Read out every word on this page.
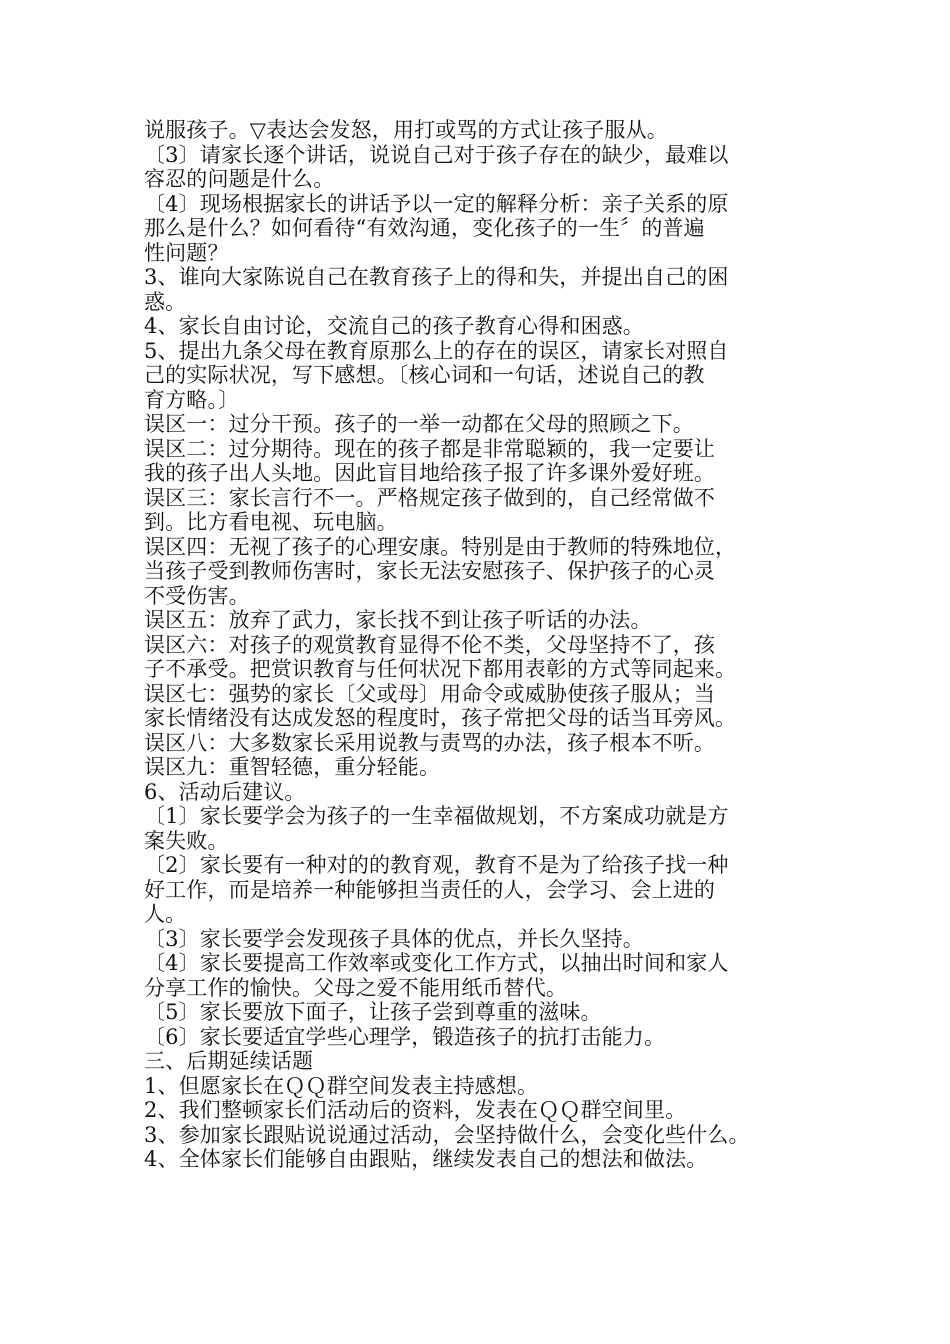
说服孩子。▽表达会发怒，用打或骂的方式让孩子服从。
〔3〕请家长逐个讲话，说说自己对于孩子存在的缺少，最难以
容忍的问题是什么。
〔4〕现场根据家长的讲话予以一定的解释分析：亲子关系的原
那么是什么？如何看待“有效沟通，变化孩子的一生〞的普遍
性问题？
3、谁向大家陈说自己在教育孩子上的得和失，并提出自己的困
惑。
4、家长自由讨论，交流自己的孩子教育心得和困惑。
5、提出九条父母在教育原那么上的存在的误区，请家长对照自
己的实际状况，写下感想。〔核心词和一句话，述说自己的教
育方略。〕
误区一：过分干预。孩子的一举一动都在父母的照顾之下。
误区二：过分期待。现在的孩子都是非常聪颖的，我一定要让
我的孩子出人头地。因此盲目地给孩子报了许多课外爱好班。
误区三：家长言行不一。严格规定孩子做到的，自己经常做不
到。比方看电视、玩电脑。
误区四：无视了孩子的心理安康。特别是由于教师的特殊地位，
当孩子受到教师伤害时，家长无法安慰孩子、保护孩子的心灵
不受伤害。
误区五：放弃了武力，家长找不到让孩子听话的办法。
误区六：对孩子的观赏教育显得不伦不类，父母坚持不了，孩
子不承受。把赏识教育与任何状况下都用表彰的方式等同起来。
误区七：强势的家长〔父或母〕用命令或威胁使孩子服从；当
家长情绪没有达成发怒的程度时，孩子常把父母的话当耳旁风。
误区八：大多数家长采用说教与责骂的办法，孩子根本不听。
误区九：重智轻德，重分轻能。
6、活动后建议。
〔1〕家长要学会为孩子的一生幸福做规划，不方案成功就是方
案失败。
〔2〕家长要有一种对的的教育观，教育不是为了给孩子找一种
好工作，而是培养一种能够担当责任的人，会学习、会上进的
人。
〔3〕家长要学会发现孩子具体的优点，并长久坚持。
〔4〕家长要提高工作效率或变化工作方式，以抽出时间和家人
分享工作的愉快。父母之爱不能用纸币替代。
〔5〕家长要放下面子，让孩子尝到尊重的滋味。
〔6〕家长要适宜学些心理学，锻造孩子的抗打击能力。
三、后期延续话题
1、但愿家长在ＱＱ群空间发表主持感想。
2、我们整顿家长们活动后的资料，发表在ＱＱ群空间里。
3、参加家长跟贴说说通过活动，会坚持做什么，会变化些什么。
4、全体家长们能够自由跟贴，继续发表自己的想法和做法。
